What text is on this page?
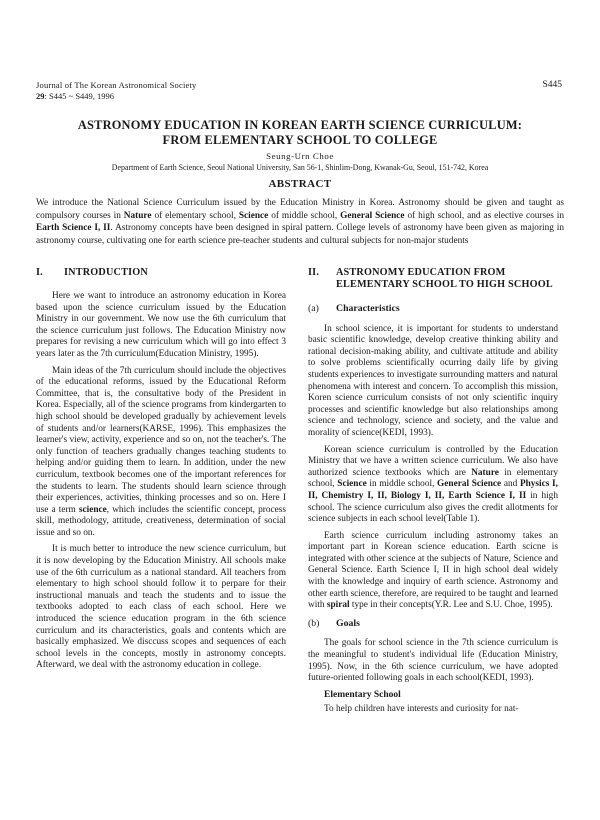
Journal of The Korean Astronomical Society
29: S445 ~ S449, 1996
S445
ASTRONOMY EDUCATION IN KOREAN EARTH SCIENCE CURRICULUM:
FROM ELEMENTARY SCHOOL TO COLLEGE
Seung-Urn Choe
Department of Earth Science, Seoul National University, San 56-1, Shinlim-Dong, Kwanak-Gu, Seoul, 151-742, Korea
ABSTRACT
We introduce the National Science Curriculum issued by the Education Ministry in Korea. Astronomy should be given and taught as compulsory courses in Nature of elementary school, Science of middle school, General Science of high school, and as elective courses in Earth Science I, II. Astronomy concepts have been designed in spiral pattern. College levels of astronomy have been given as majoring in astronomy course, cultivating one for earth science pre-teacher students and cultural subjects for non-major students
I.	INTRODUCTION

Here we want to introduce an astronomy education in Korea based upon the science curriculum issued by the Education Ministry in our government. We now use the 6th curriculum that the science curriculum just follows. The Education Ministry now prepares for revising a new curriculum which will go into effect 3 years later as the 7th curriculum(Education Ministry, 1995).

Main ideas of the 7th curriculum should include the objectives of the educational reforms, issued by the Educational Reform Committee, that is, the consultative body of the President in Korea. Especially, all of the science programs from kindergarten to high school should be developed gradually by achievement levels of students and/or learners(KARSE, 1996). This emphasizes the learner's view, activity, experience and so on, not the teacher's. The only function of teachers gradually changes teaching students to helping and/or guiding them to learn. In addition, under the new curriculum, textbook becomes one of the important references for the students to learn. The students should learn science through their experiences, activities, thinking processes and so on. Here I use a term science, which includes the scientific concept, process skill, methodology, attitude, creativeness, determination of social issue and so on.

It is much better to introduce the new science curriculum, but it is now developing by the Education Ministry. All schools make use of the 6th curriculum as a national standard. All teachers from elementary to high school should follow it to perpare for their instructional manuals and teach the students and to issue the textbooks adopted to each class of each school. Here we introduced the science education program in the 6th science curriculum and its characteristics, goals and contents which are basically emphasized. We disccuss scopes and sequences of each school levels in the concepts, mostly in astronomy concepts. Afterward, we deal with the astronomy education in college.

II.	ASTRONOMY EDUCATION FROM ELEMENTARY SCHOOL TO HIGH SCHOOL
(a)	Characteristics

In school science, it is important for students to understand basic scientific knowledge, develop creative thinking ability and rational decision-making ability, and cultivate attitude and ability to solve problems scientifically ocurring daily life by giving students experiences to investigate surrounding matters and natural phenomena with interest and concern. To accomplish this mission, Koren science curriculum consists of not only scientific inquiry processes and scientific knowledge but also relationships among science and technology, science and society, and the value and morality of science(KEDI, 1993).

Korean science curriculum is controlled by the Education Ministry that we have a written science curriculum. We also have authorized science textbooks which are Nature in elementary school, Science in middle school, General Science and Physics I, II, Chemistry I, II, Biology I, II, Earth Science I, II in high school. The science curriculum also gives the credit allotments for science subjects in each school level(Table 1).

Earth science curriculum including astronomy takes an important part in Korean science education. Earth scicne is integrated with other science at the subjects of Nature, Science and General Science. Earth Science I, II in high school deal widely with the knowledge and inquiry of earth science. Astronomy and other earth science, therefore, are required to be taught and learned with spiral type in their concepts(Y.R. Lee and S.U. Choe, 1995).

(b)	Goals

The goals for school science in the 7th science curriculum is the meaningful to student's individual life (Education Ministry, 1995). Now, in the 6th science curriculum, we have adopted future-oriented following goals in each school(KEDI, 1993).

Elementary School

To help children have interests and curiosity for nat-
